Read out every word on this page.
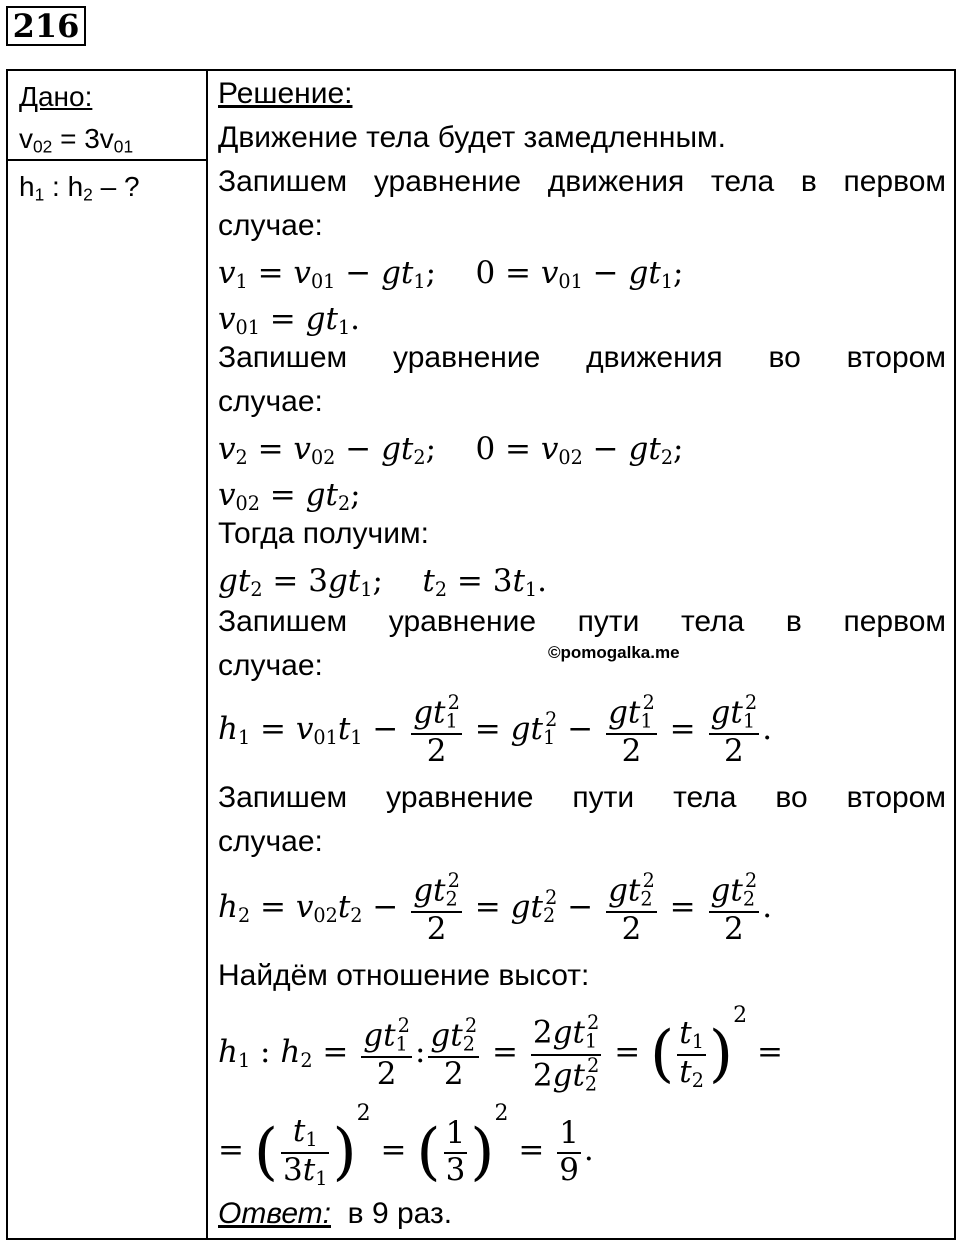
216
Дано:
$v_{02} = 3v_{01}$
$h_1$ : $h_2$ – ?
Решение:
Движение тела будет замедленным.
Запишем уравнение движения тела в первом
случае:
$v_1 = v_{01} - gt_1$;    $0 = v_{01} - gt_1$;
$v_{01} = gt_1$.
Запишем уравнение движения во втором
случае:
$v_2 = v_{02} - gt_2$;    $0 = v_{02} - gt_2$;
$v_{02} = gt_2$;
Тогда получим:
$gt_2 = 3gt_1$;    $t_2 = 3t_1$.
Запишем уравнение пути тела в первом
случае:
$h_1 = v_{01}t_1 - \frac{gt_1^2}{2} = gt_1^2 - \frac{gt_1^2}{2} = \frac{gt_1^2}{2}$ .
Запишем уравнение пути тела во втором
случае:
$h_2 = v_{02}t_2 - \frac{gt_2^2}{2} = gt_2^2 - \frac{gt_2^2}{2} = \frac{gt_2^2}{2}$ .
Найдём отношение высот:
$h_1$ : $h_2 = \frac{gt_1^2}{2}$ : $\frac{gt_2^2}{2} = \frac{2gt_1^2}{2gt_2^2}$ = ( $\frac{t_1}{t_2} )^2$ =
= ( $\frac{t_1}{3t_1} )^2$ = ( $\frac{1}{3} )^2 = \frac{1}{9}$ .
Ответ: в 9 раз.
©pomogalka.me
